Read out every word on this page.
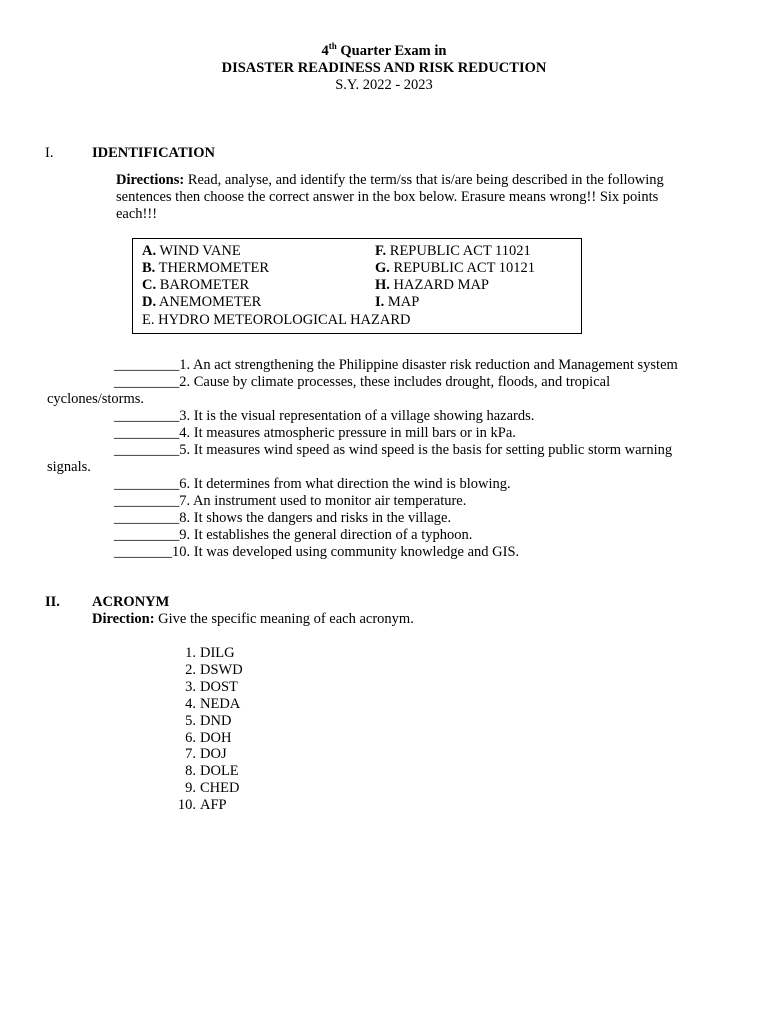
4th Quarter Exam in
DISASTER READINESS AND RISK REDUCTION
S.Y. 2022 - 2023
I.	IDENTIFICATION
Directions: Read, analyse, and identify the term/ss that is/are being described in the following
sentences then choose the correct answer in the box below. Erasure means wrong!! Six points
each!!!
A. WIND VANE
B. THERMOMETER
C. BAROMETER
D. ANEMOMETER
E. HYDRO METEOROLOGICAL HAZARD
F. REPUBLIC ACT 11021
G. REPUBLIC ACT 10121
H. HAZARD MAP
I. MAP
_________1. An act strengthening the Philippine disaster risk reduction and Management system
_________2. Cause by climate processes, these includes drought, floods, and tropical
cyclones/storms.
_________3. It is the visual representation of a village showing hazards.
_________4. It measures atmospheric pressure in mill bars or in kPa.
_________5. It measures wind speed as wind speed is the basis for setting public storm warning
signals.
_________6. It determines from what direction the wind is blowing.
_________7. An instrument used to monitor air temperature.
_________8. It shows the dangers and risks in the village.
_________9. It establishes the general direction of a typhoon.
________10. It was developed using community knowledge and GIS.
II. ACRONYM
Direction: Give the specific meaning of each acronym.
1. DILG
2. DSWD
3. DOST
4. NEDA
5. DND
6. DOH
7. DOJ
8. DOLE
9. CHED
10. AFP
